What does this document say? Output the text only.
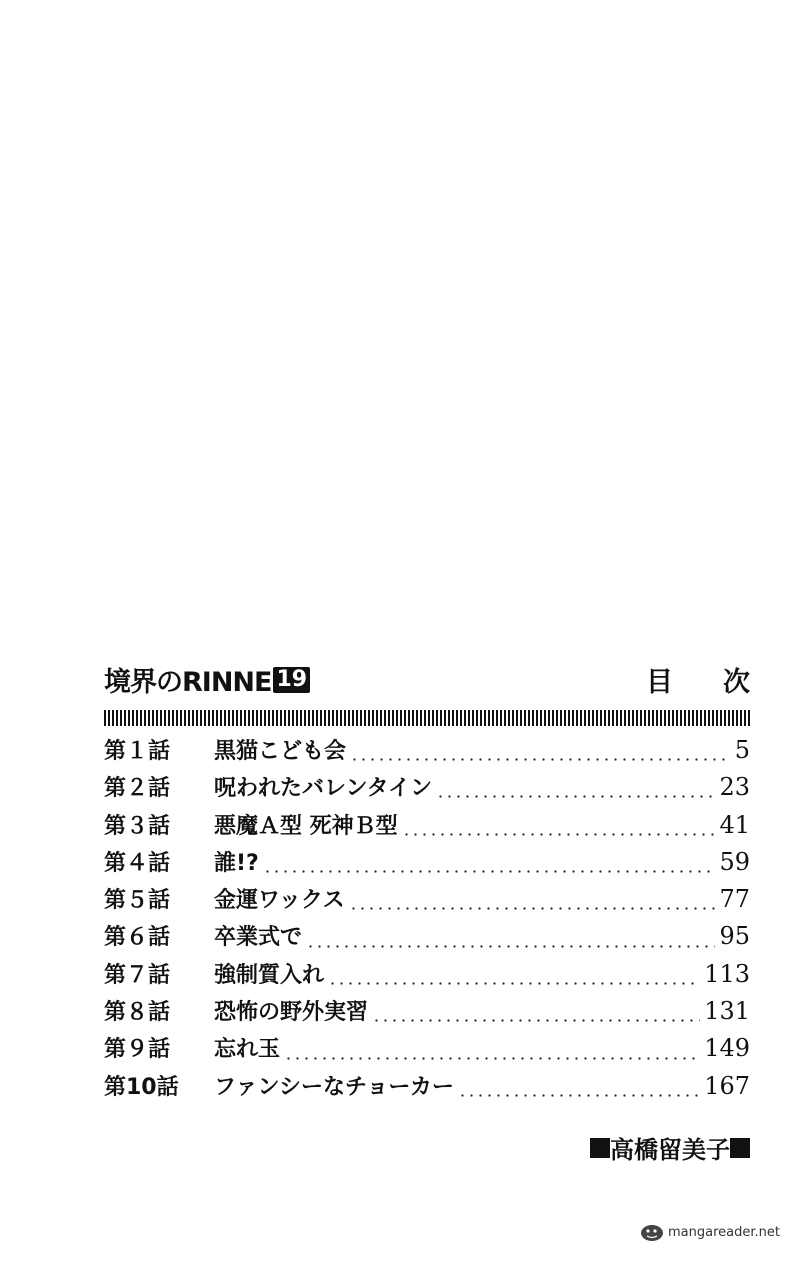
境界のRINNE 19	目 次
第１話	黒猫こども会	5
第２話	呪われたバレンタイン	23
第３話	悪魔Ａ型 死神Ｂ型	41
第４話	誰!?	59
第５話	金運ワックス	77
第６話	卒業式で	95
第７話	強制質入れ	113
第８話	恐怖の野外実習	131
第９話	忘れ玉	149
第10話	ファンシーなチョーカー	167
高橋留美子
mangareader.net
